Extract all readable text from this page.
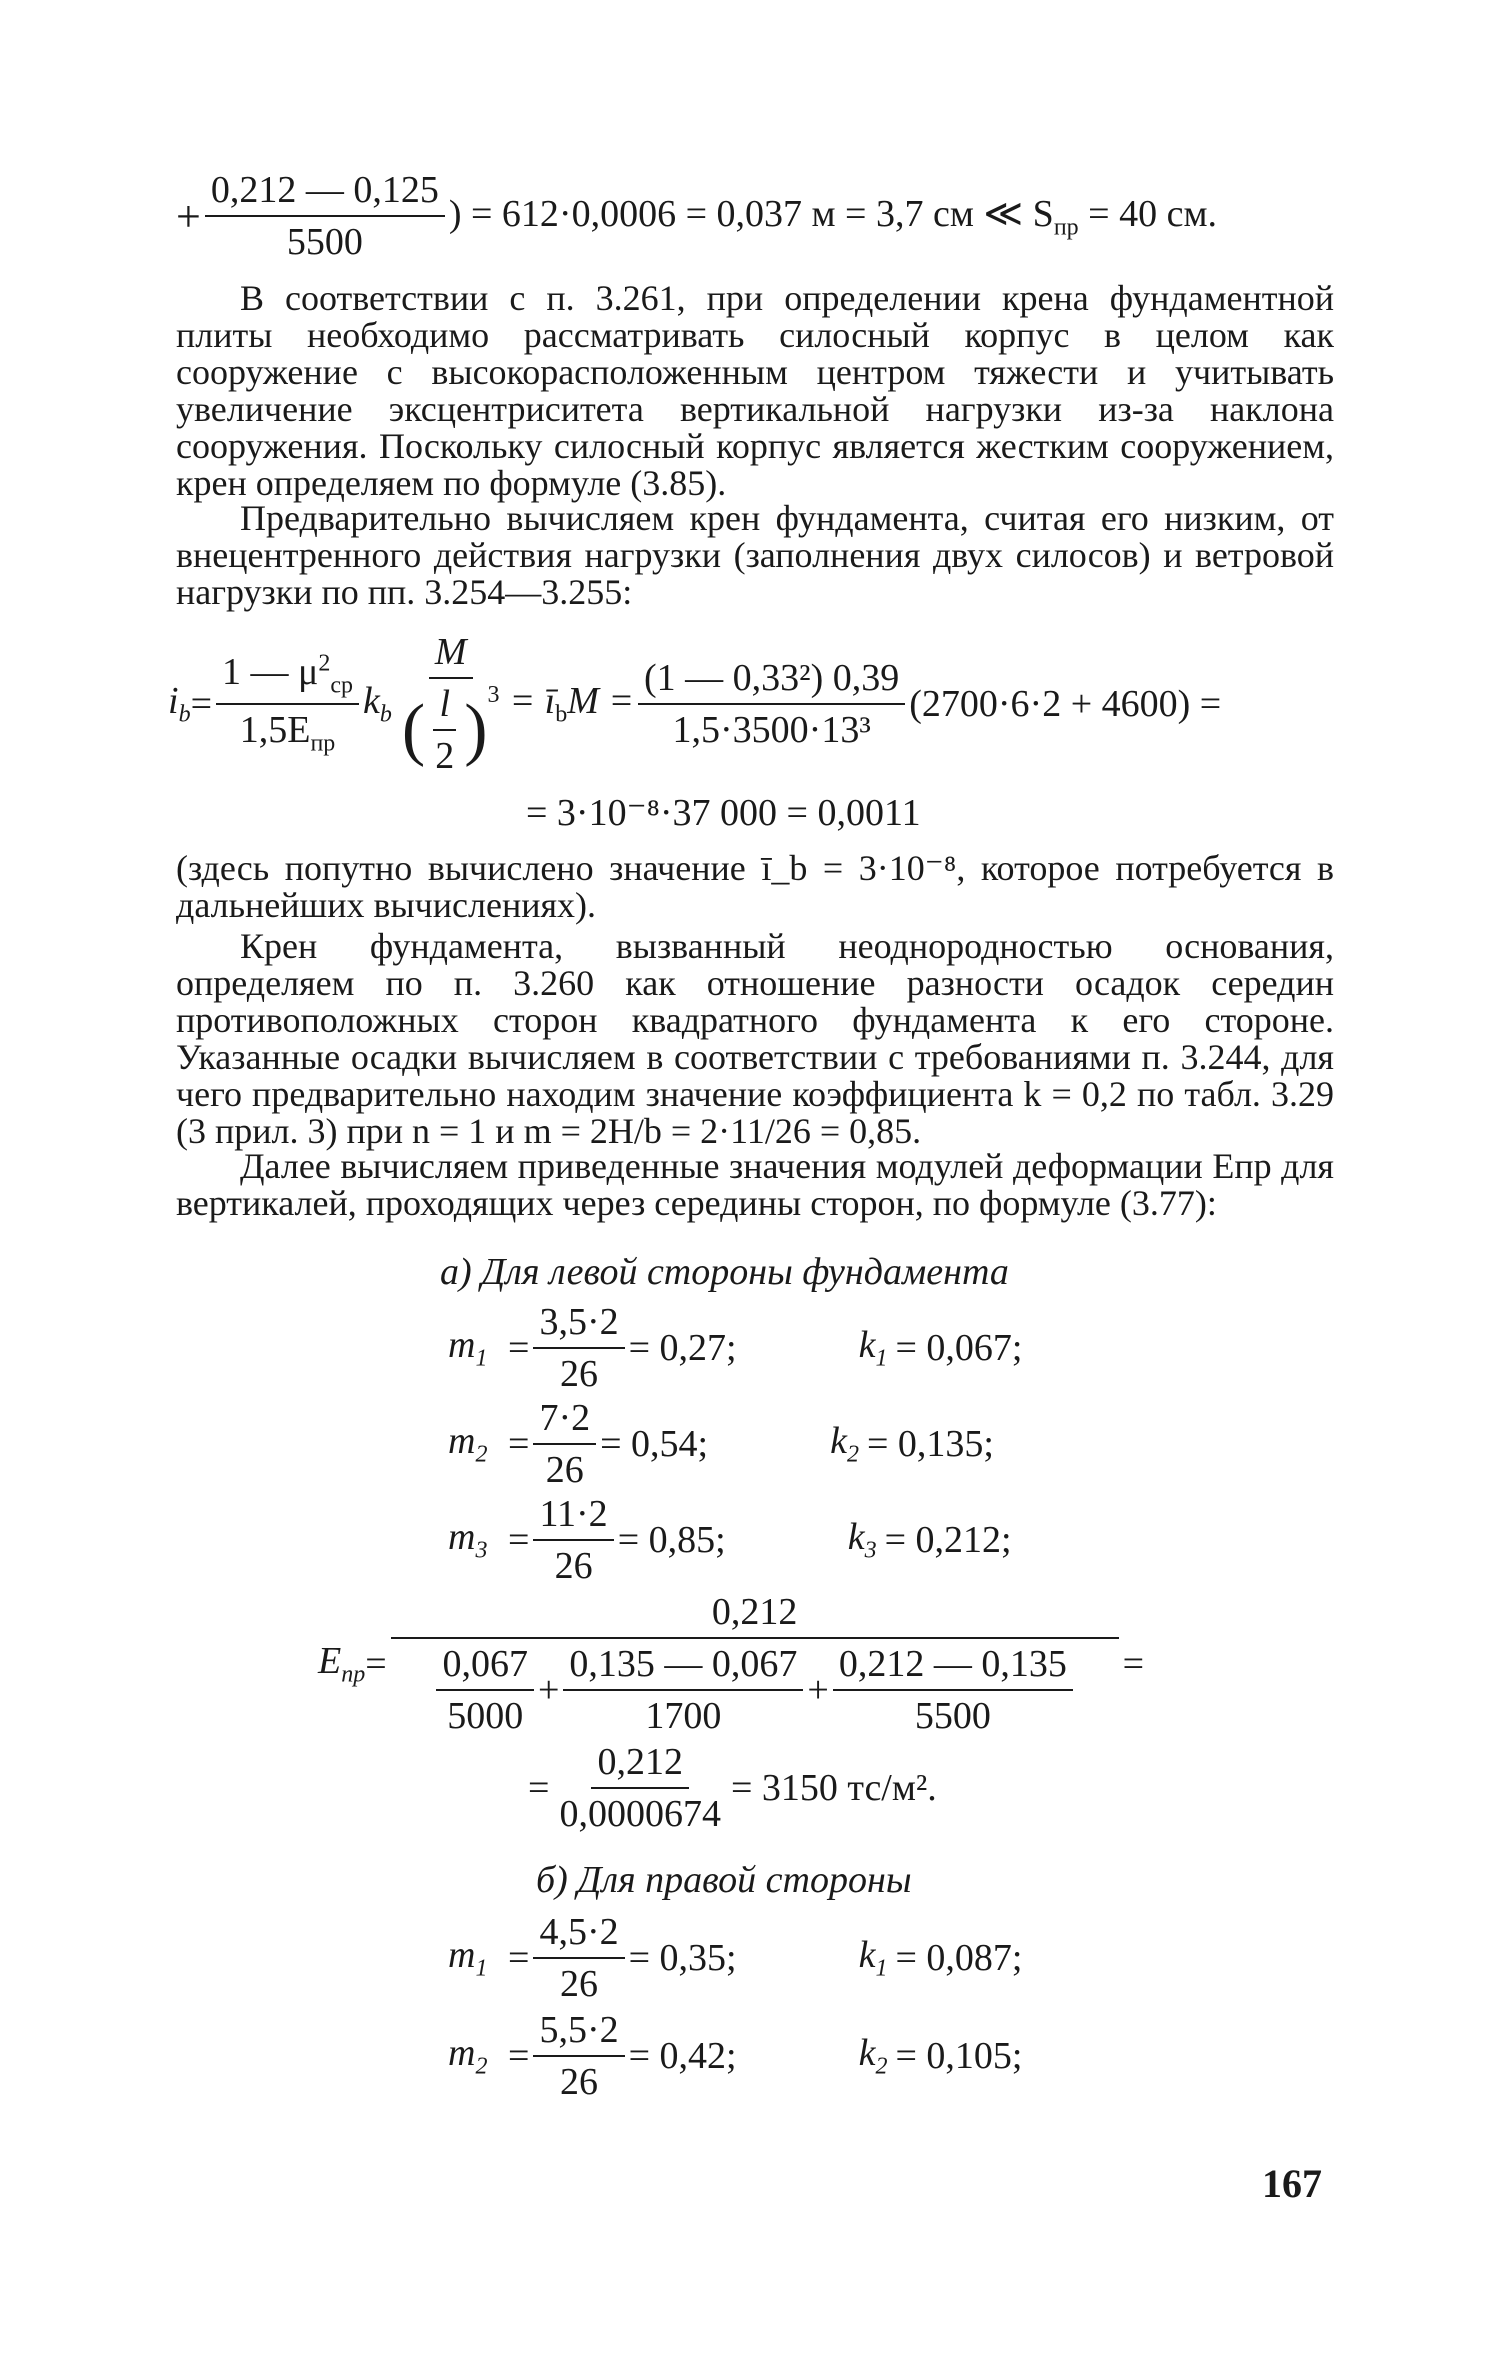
+ $\frac{0,212 — 0,125}{5500}$ ) = 612·0,0006 = 0,037 м = 3,7 см ≪ $S_{пр} = 40$ см.

В соответствии с п. 3.261, при определении крена фундаментной плиты необходимо рассматривать силосный корпус в целом как сооружение с высокорасположенным центром тяжести и учитывать увеличение эксцентриситета вертикальной нагрузки из-за наклона сооружения. Поскольку силосный корпус является жестким сооружением, крен определяем по формуле (3.85).

Предварительно вычисляем крен фундамента, считая его низким, от внецентренного действия нагрузки (заполнения двух силосов) и ветровой нагрузки по пп. 3.254—3.255:

$i_b = \frac{1 — \mu^2_{ср}}{1,5E_{пр}} k_b \frac{M}{( \frac{l}{2} )^3}$ = $ī_bM = \frac{\text{(1 — 0,33²) 0,39}}{\text{1,5·3500·13³}} (2700\cdot 6\cdot 2 + 4600)$ =
= 3·10⁻⁸·37 000 = 0,0011

(здесь попутно вычислено значение ī_b = 3·10⁻⁸, которое потребуется в дальнейших вычислениях).

Крен фундамента, вызванный неоднородностью основания, определяем по п. 3.260 как отношение разности осадок середин противоположных сторон квадратного фундамента к его стороне. Указанные осадки вычисляем в соответствии с требованиями п. 3.244, для чего предварительно находим значение коэффициента k = 0,2 по табл. 3.29 (3 прил. 3) при n = 1 и m = 2H/b = 2·11/26 = 0,85.

Далее вычисляем приведенные значения модулей деформации Eпр для вертикалей, проходящих через середины сторон, по формуле (3.77):

а) Для левой стороны фундамента
$m_1 = \frac{3,5\cdot 2}{26} = 0,27$;	$k_1 = 0,067$;
$m_2 = \frac{7\cdot 2}{26} = 0,54$;	$k_2 = 0,135$;
$m_3 = \frac{11\cdot 2}{26} = 0,85$;	$k_3 = 0,212$;
$E_{пр}$ =
0,212
$\frac{0,067}{5000} + \frac{0,135 — 0,067}{1700} + \frac{0,212 — 0,135}{5500}$ =
= $\frac{0,212}{0,0000674} = 3150$ тс/м².
б) Для правой стороны
$m_1 = \frac{4,5\cdot 2}{26} = 0,35$;	$k_1 = 0,087$;
$m_2 = \frac{5,5\cdot 2}{26} = 0,42$;	$k_2 = 0,105$;
167
